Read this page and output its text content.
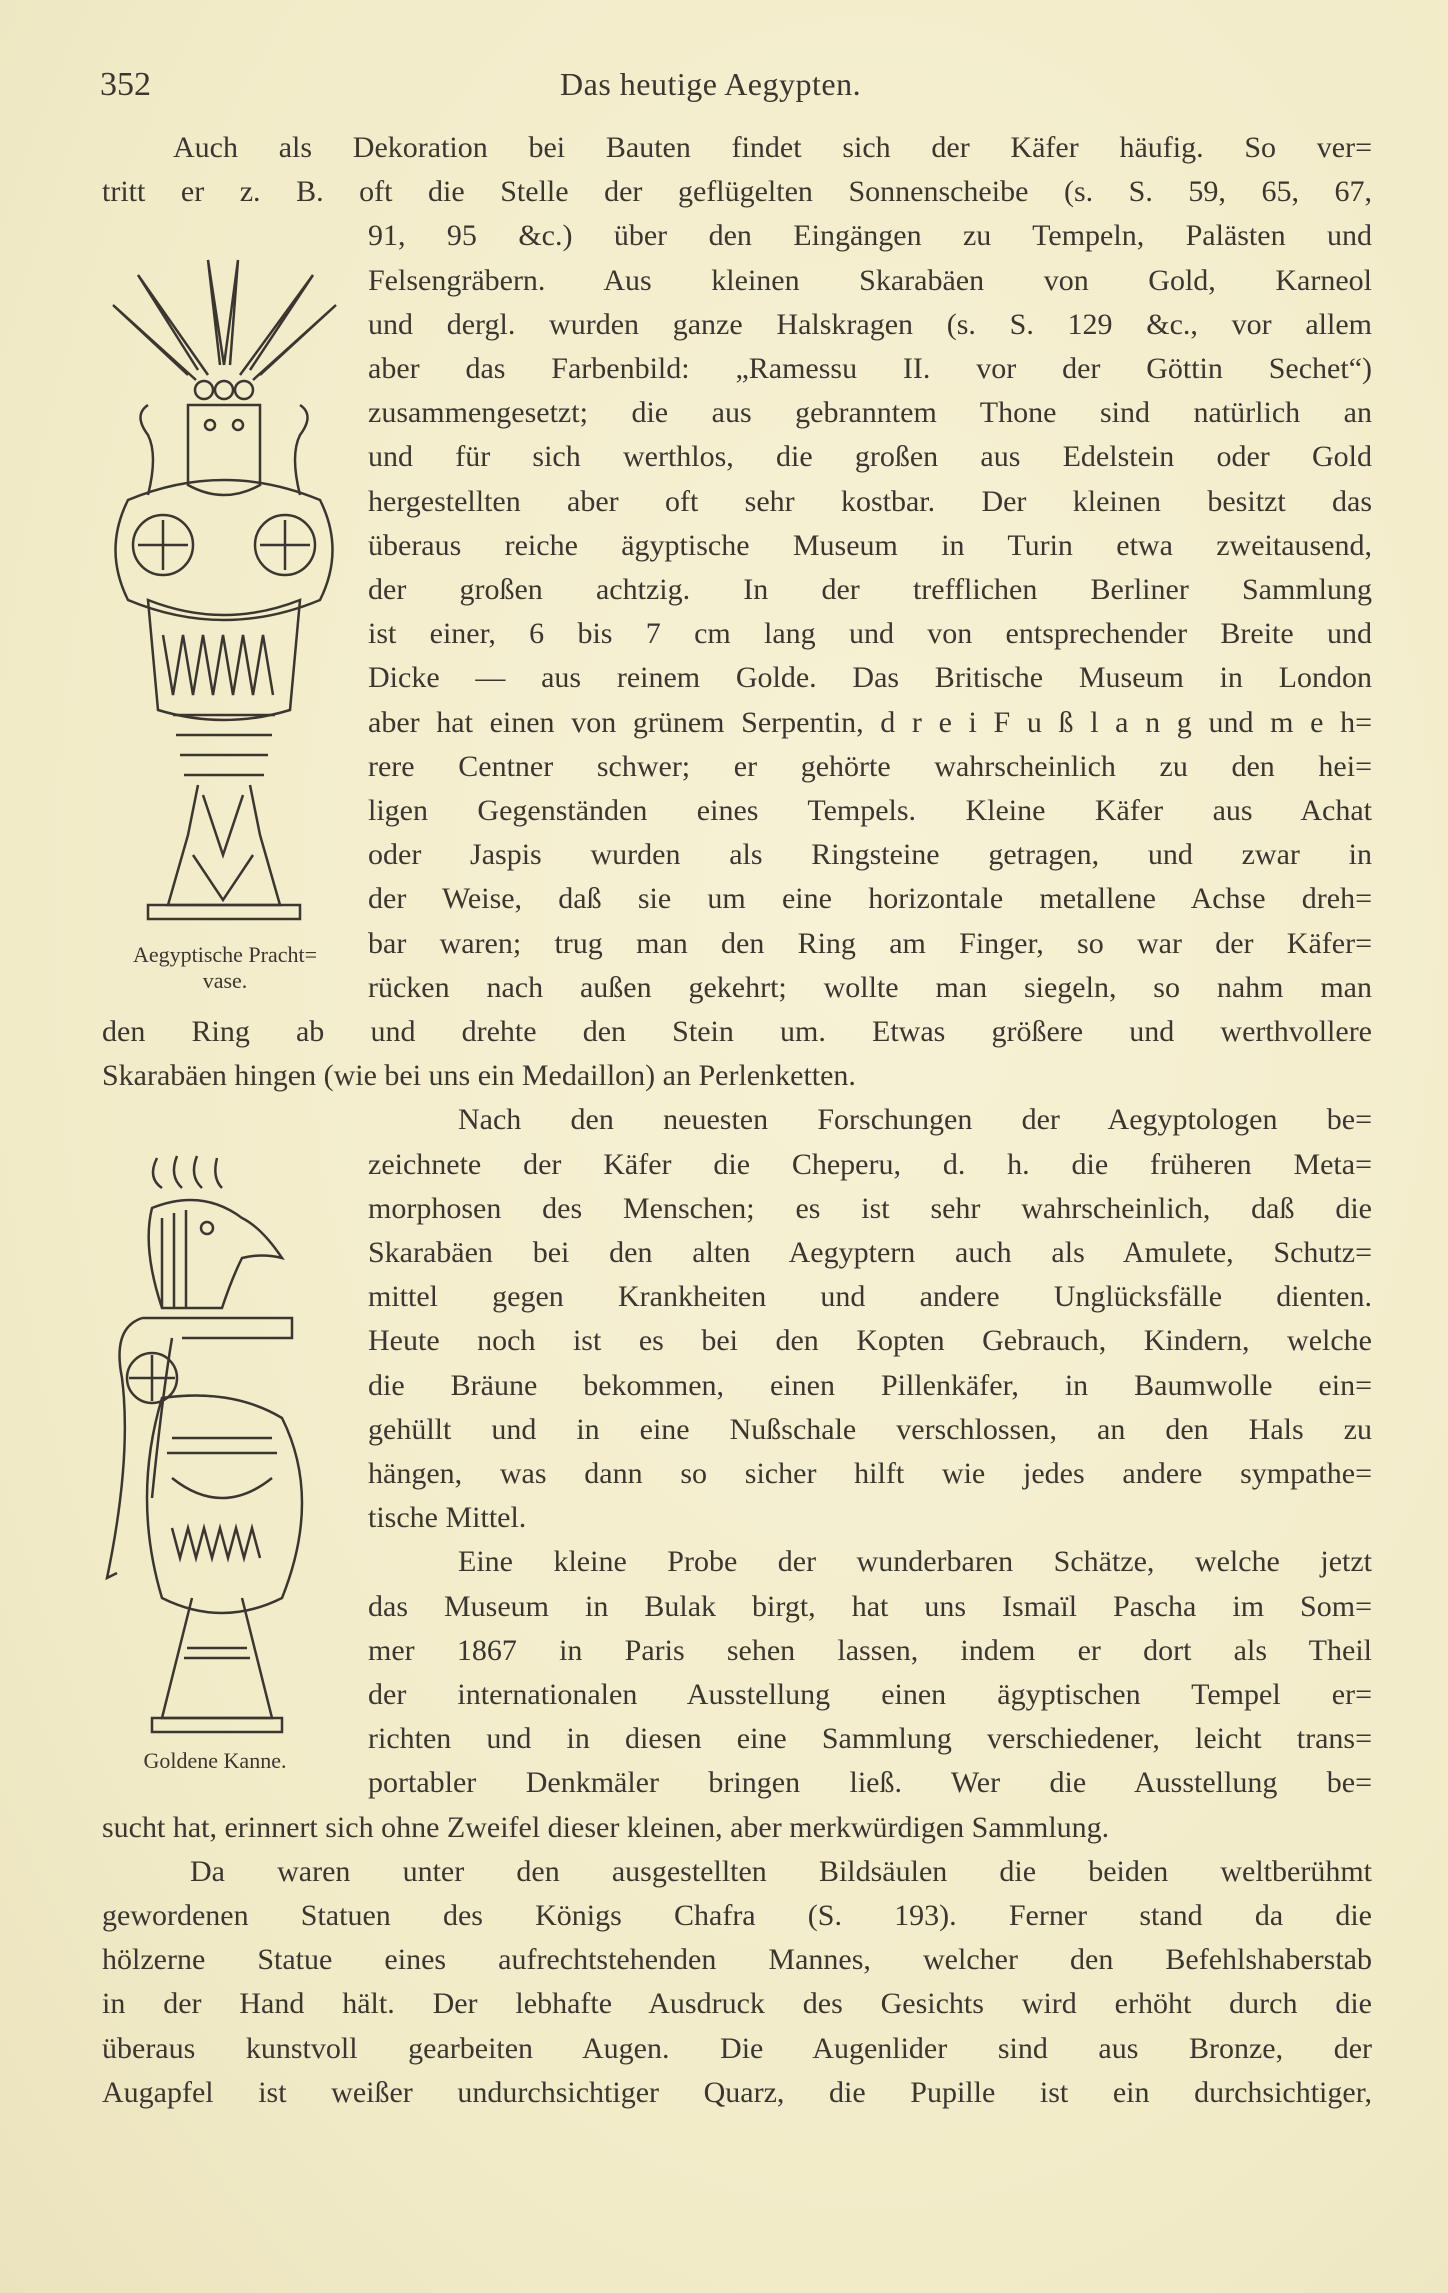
352	Das heutige Aegypten.
Auch als Dekoration bei Bauten findet sich der Käfer häufig. So ver=
tritt er z. B. oft die Stelle der geflügelten Sonnenscheibe (s. S. 59, 65, 67,
91, 95 &c.) über den Eingängen zu Tempeln, Palästen und
Felsengräbern. Aus kleinen Skarabäen von Gold, Karneol
und dergl. wurden ganze Halskragen (s. S. 129 &c., vor allem
aber das Farbenbild: „Ramessu II. vor der Göttin Sechet“)
zusammengesetzt; die aus gebranntem Thone sind natürlich an
und für sich werthlos, die großen aus Edelstein oder Gold
hergestellten aber oft sehr kostbar. Der kleinen besitzt das
überaus reiche ägyptische Museum in Turin etwa zweitausend,
der großen achtzig. In der trefflichen Berliner Sammlung
ist einer, 6 bis 7 cm lang und von entsprechender Breite und
Dicke — aus reinem Golde. Das Britische Museum in London
aber hat einen von grünem Serpentin, d r e i F u ß l a n g und m e h=
rere Centner schwer; er gehörte wahrscheinlich zu den hei=
ligen Gegenständen eines Tempels. Kleine Käfer aus Achat
oder Jaspis wurden als Ringsteine getragen, und zwar in
der Weise, daß sie um eine horizontale metallene Achse dreh=
bar waren; trug man den Ring am Finger, so war der Käfer=
rücken nach außen gekehrt; wollte man siegeln, so nahm man
den Ring ab und drehte den Stein um. Etwas größere und werthvollere
Skarabäen hingen (wie bei uns ein Medaillon) an Perlenketten.
Nach den neuesten Forschungen der Aegyptologen be=
zeichnete der Käfer die Cheperu, d. h. die früheren Meta=
morphosen des Menschen; es ist sehr wahrscheinlich, daß die
Skarabäen bei den alten Aegyptern auch als Amulete, Schutz=
mittel gegen Krankheiten und andere Unglücksfälle dienten.
Heute noch ist es bei den Kopten Gebrauch, Kindern, welche
die Bräune bekommen, einen Pillenkäfer, in Baumwolle ein=
gehüllt und in eine Nußschale verschlossen, an den Hals zu
hängen, was dann so sicher hilft wie jedes andere sympathe=
tische Mittel.
Eine kleine Probe der wunderbaren Schätze, welche jetzt
das Museum in Bulak birgt, hat uns Ismaïl Pascha im Som=
mer 1867 in Paris sehen lassen, indem er dort als Theil
der internationalen Ausstellung einen ägyptischen Tempel er=
richten und in diesen eine Sammlung verschiedener, leicht trans=
portabler Denkmäler bringen ließ. Wer die Ausstellung be=
sucht hat, erinnert sich ohne Zweifel dieser kleinen, aber merkwürdigen Sammlung.
Da waren unter den ausgestellten Bildsäulen die beiden weltberühmt
gewordenen Statuen des Königs Chafra (S. 193). Ferner stand da die
hölzerne Statue eines aufrechtstehenden Mannes, welcher den Befehlshaberstab
in der Hand hält. Der lebhafte Ausdruck des Gesichts wird erhöht durch die
überaus kunstvoll gearbeiten Augen. Die Augenlider sind aus Bronze, der
Augapfel ist weißer undurchsichtiger Quarz, die Pupille ist ein durchsichtiger,
Aegyptische Pracht=
vase.
Goldene Kanne.
